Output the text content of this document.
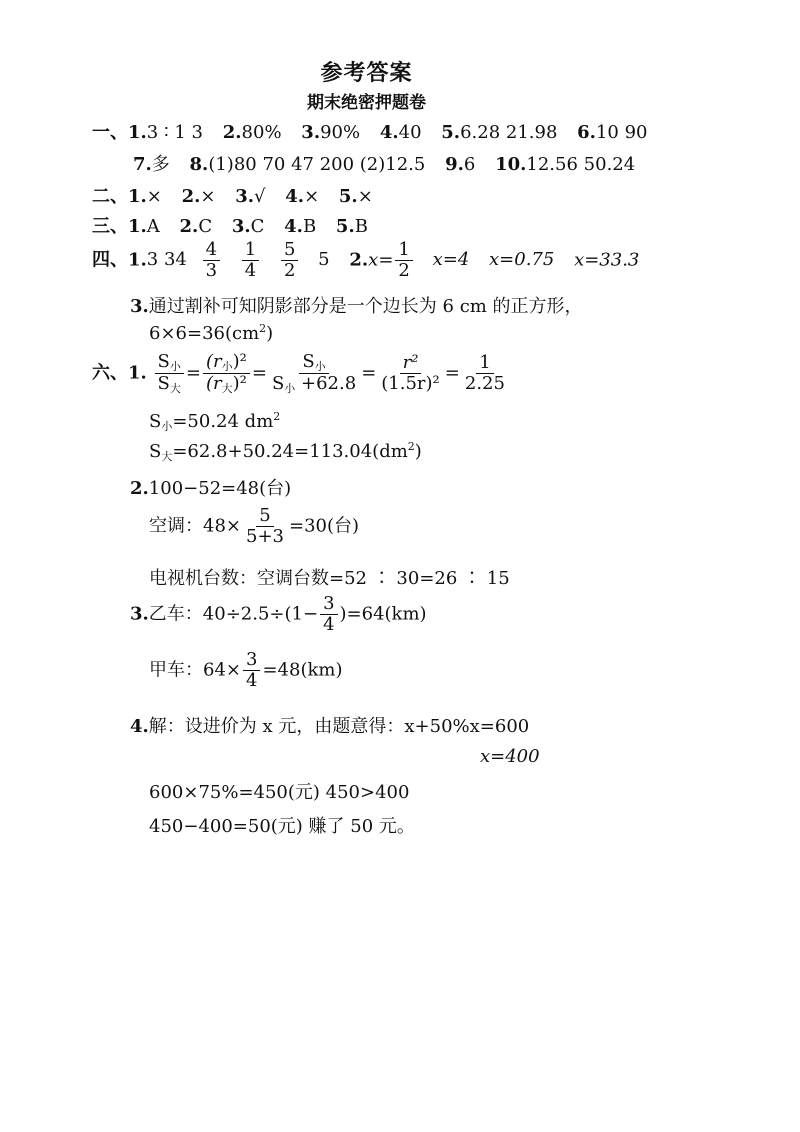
参考答案
期末绝密押题卷
一、1.3 ∶ 1 3 2.80% 3.90% 4.40 5.6.28 21.98 6.10 90
7.多 8.(1)80 70 47 200 (2)12.5 9.6 10.12.56 50.24
二、1.× 2.× 3.√ 4.× 5.×
三、1.A 2.C 3.C 4.B 5.B
四、1.3 $34 \frac{4}{3}$
$\frac{1}{4}$
$\frac{5}{2} 5$ $2.x= \frac{1}{2} x=4$ x=0.75 x=33.3
3.通过割补可知阴影部分是一个边长为 6 cm 的正方形，
$6\times 6=36(cm^2)$
六、1. $\frac{S_小}{S_大} = \frac{(r_小)^2}{(r_大)^2} = \frac{S_小}{S_小 +62.8} = \frac{\text{r²}}{\text{(1.5r)²}} = \frac{1}{2.25}$
$S_小=50.24$ $dm^2$
$S_大=62.8+50.24=113.04(dm^2)$
2.100−52=48(台)
空调：$48\times \frac{5}{5+3} =30$(台)
电视机台数：空调台数=52 ∶ 30=26 ∶ 15
3.乙车：$40\div 2.5\div(1- \frac{3}{4} )=64(km)$
甲车：$64\times \frac{3}{4} =48(km)$
4.解：设进价为 x 元，由题意得：x+50%x=600
x=400
600×75%=450(元) 450>400
450−400=50(元) 赚了 50 元。
